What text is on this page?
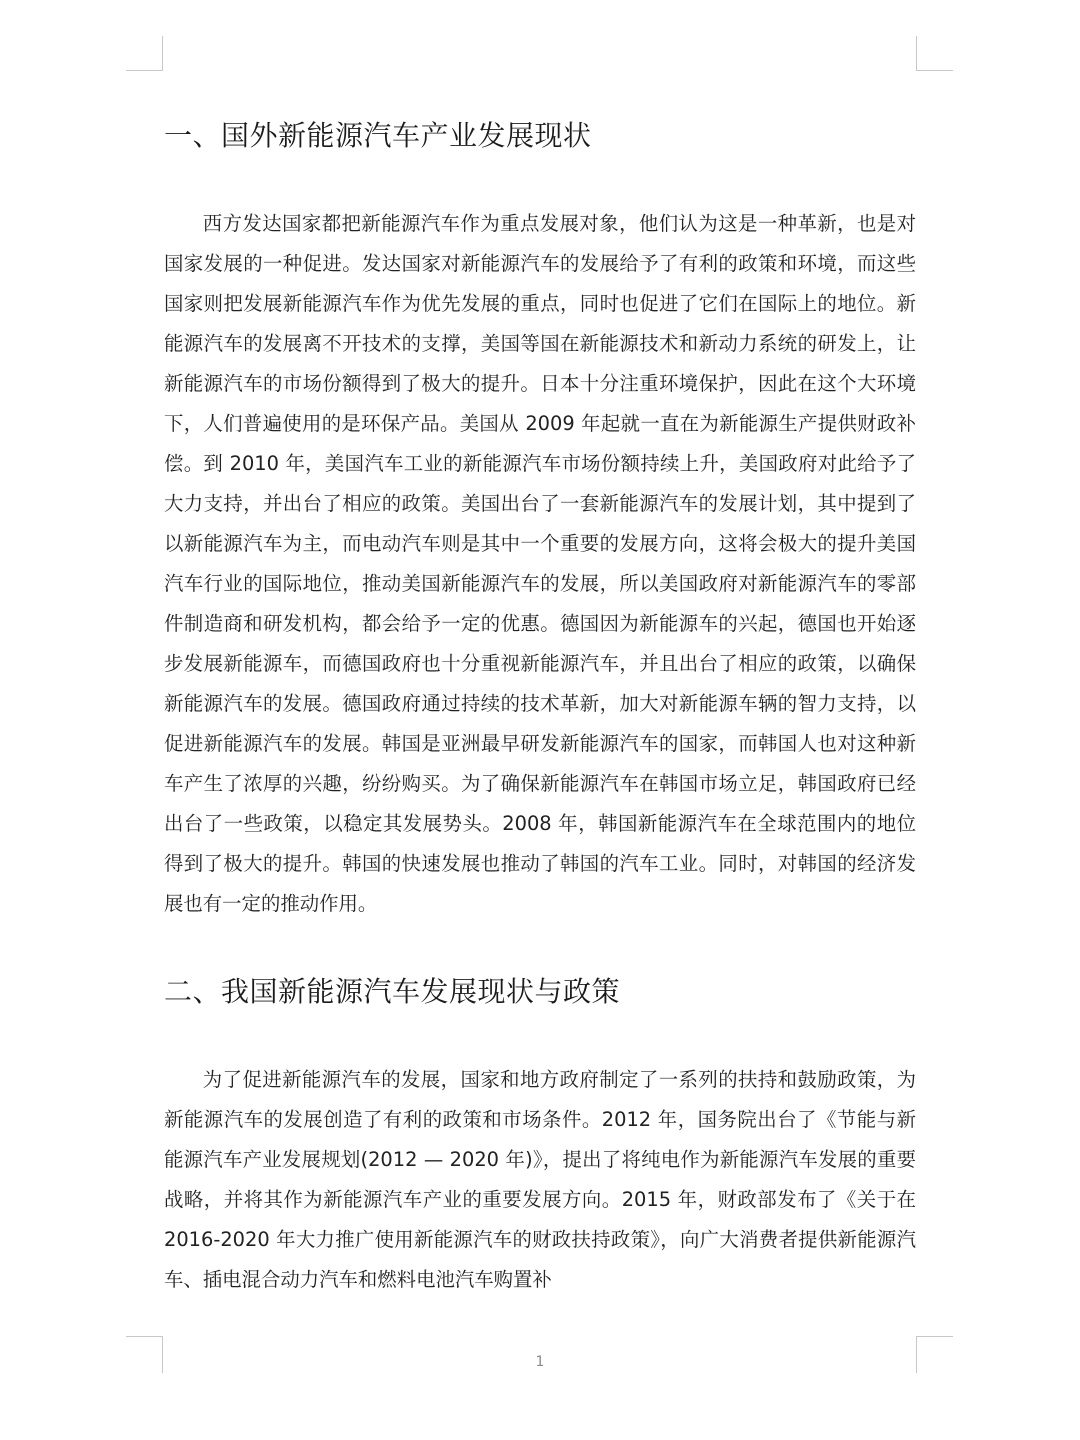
一、国外新能源汽车产业发展现状

西方发达国家都把新能源汽车作为重点发展对象，他们认为这是一种革新，也是对国家发展的一种促进。发达国家对新能源汽车的发展给予了有利的政策和环境，而这些国家则把发展新能源汽车作为优先发展的重点，同时也促进了它们在国际上的地位。新能源汽车的发展离不开技术的支撑，美国等国在新能源技术和新动力系统的研发上，让新能源汽车的市场份额得到了极大的提升。日本十分注重环境保护，因此在这个大环境下，人们普遍使用的是环保产品。美国从 2009 年起就一直在为新能源生产提供财政补偿。到 2010 年，美国汽车工业的新能源汽车市场份额持续上升，美国政府对此给予了大力支持，并出台了相应的政策。美国出台了一套新能源汽车的发展计划，其中提到了以新能源汽车为主，而电动汽车则是其中一个重要的发展方向，这将会极大的提升美国汽车行业的国际地位，推动美国新能源汽车的发展，所以美国政府对新能源汽车的零部件制造商和研发机构，都会给予一定的优惠。德国因为新能源车的兴起，德国也开始逐步发展新能源车，而德国政府也十分重视新能源汽车，并且出台了相应的政策，以确保新能源汽车的发展。德国政府通过持续的技术革新，加大对新能源车辆的智力支持，以促进新能源汽车的发展。韩国是亚洲最早研发新能源汽车的国家，而韩国人也对这种新车产生了浓厚的兴趣，纷纷购买。为了确保新能源汽车在韩国市场立足，韩国政府已经出台了一些政策，以稳定其发展势头。2008 年，韩国新能源汽车在全球范围内的地位得到了极大的提升。韩国的快速发展也推动了韩国的汽车工业。同时，对韩国的经济发展也有一定的推动作用。

二、我国新能源汽车发展现状与政策

为了促进新能源汽车的发展，国家和地方政府制定了一系列的扶持和鼓励政策，为新能源汽车的发展创造了有利的政策和市场条件。2012 年，国务院出台了《节能与新能源汽车产业发展规划(2012 — 2020 年)》，提出了将纯电作为新能源汽车发展的重要战略，并将其作为新能源汽车产业的重要发展方向。2015 年，财政部发布了《关于在 2016-2020 年大力推广使用新能源汽车的财政扶持政策》，向广大消费者提供新能源汽车、插电混合动力汽车和燃料电池汽车购置补

1
